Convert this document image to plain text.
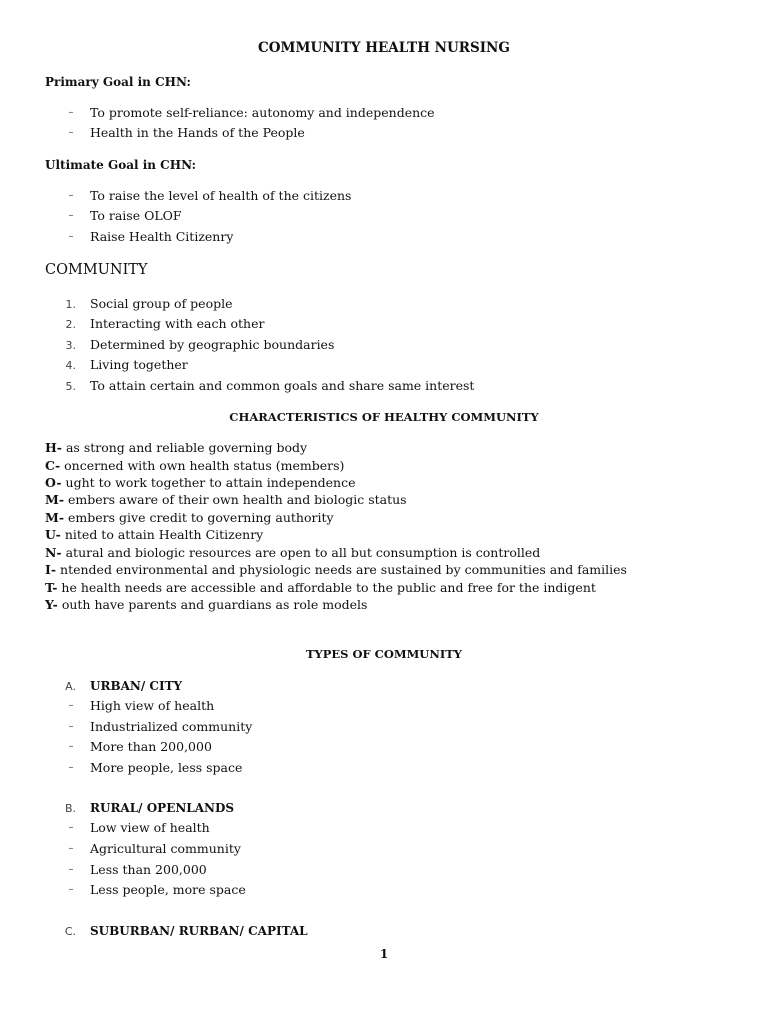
COMMUNITY HEALTH NURSING
Primary Goal in CHN:
–	To promote self-reliance: autonomy and independence
–	Health in the Hands of the People
Ultimate Goal in CHN:
–	To raise the level of health of the citizens
–	To raise OLOF
–	Raise Health Citizenry
COMMUNITY
1. Social group of people
2. Interacting with each other
3. Determined by geographic boundaries
4. Living together
5. To attain certain and common goals and share same interest
CHARACTERISTICS OF HEALTHY COMMUNITY
H- as strong and reliable governing body
C- oncerned with own health status (members)
O- ught to work together to attain independence
M- embers aware of their own health and biologic status
M- embers give credit to governing authority
U- nited to attain Health Citizenry
N- atural and biologic resources are open to all but consumption is controlled
I- ntended environmental and physiologic needs are sustained by communities and families
T- he health needs are accessible and affordable to the public and free for the indigent
Y- outh have parents and guardians as role models
TYPES OF COMMUNITY
A. URBAN/ CITY
–	High view of health
–	Industrialized community
–	More than 200,000
–	More people, less space
B. RURAL/ OPENLANDS
–	Low view of health
–	Agricultural community
–	Less than 200,000
–	Less people, more space
C. SUBURBAN/ RURBAN/ CAPITAL
1
